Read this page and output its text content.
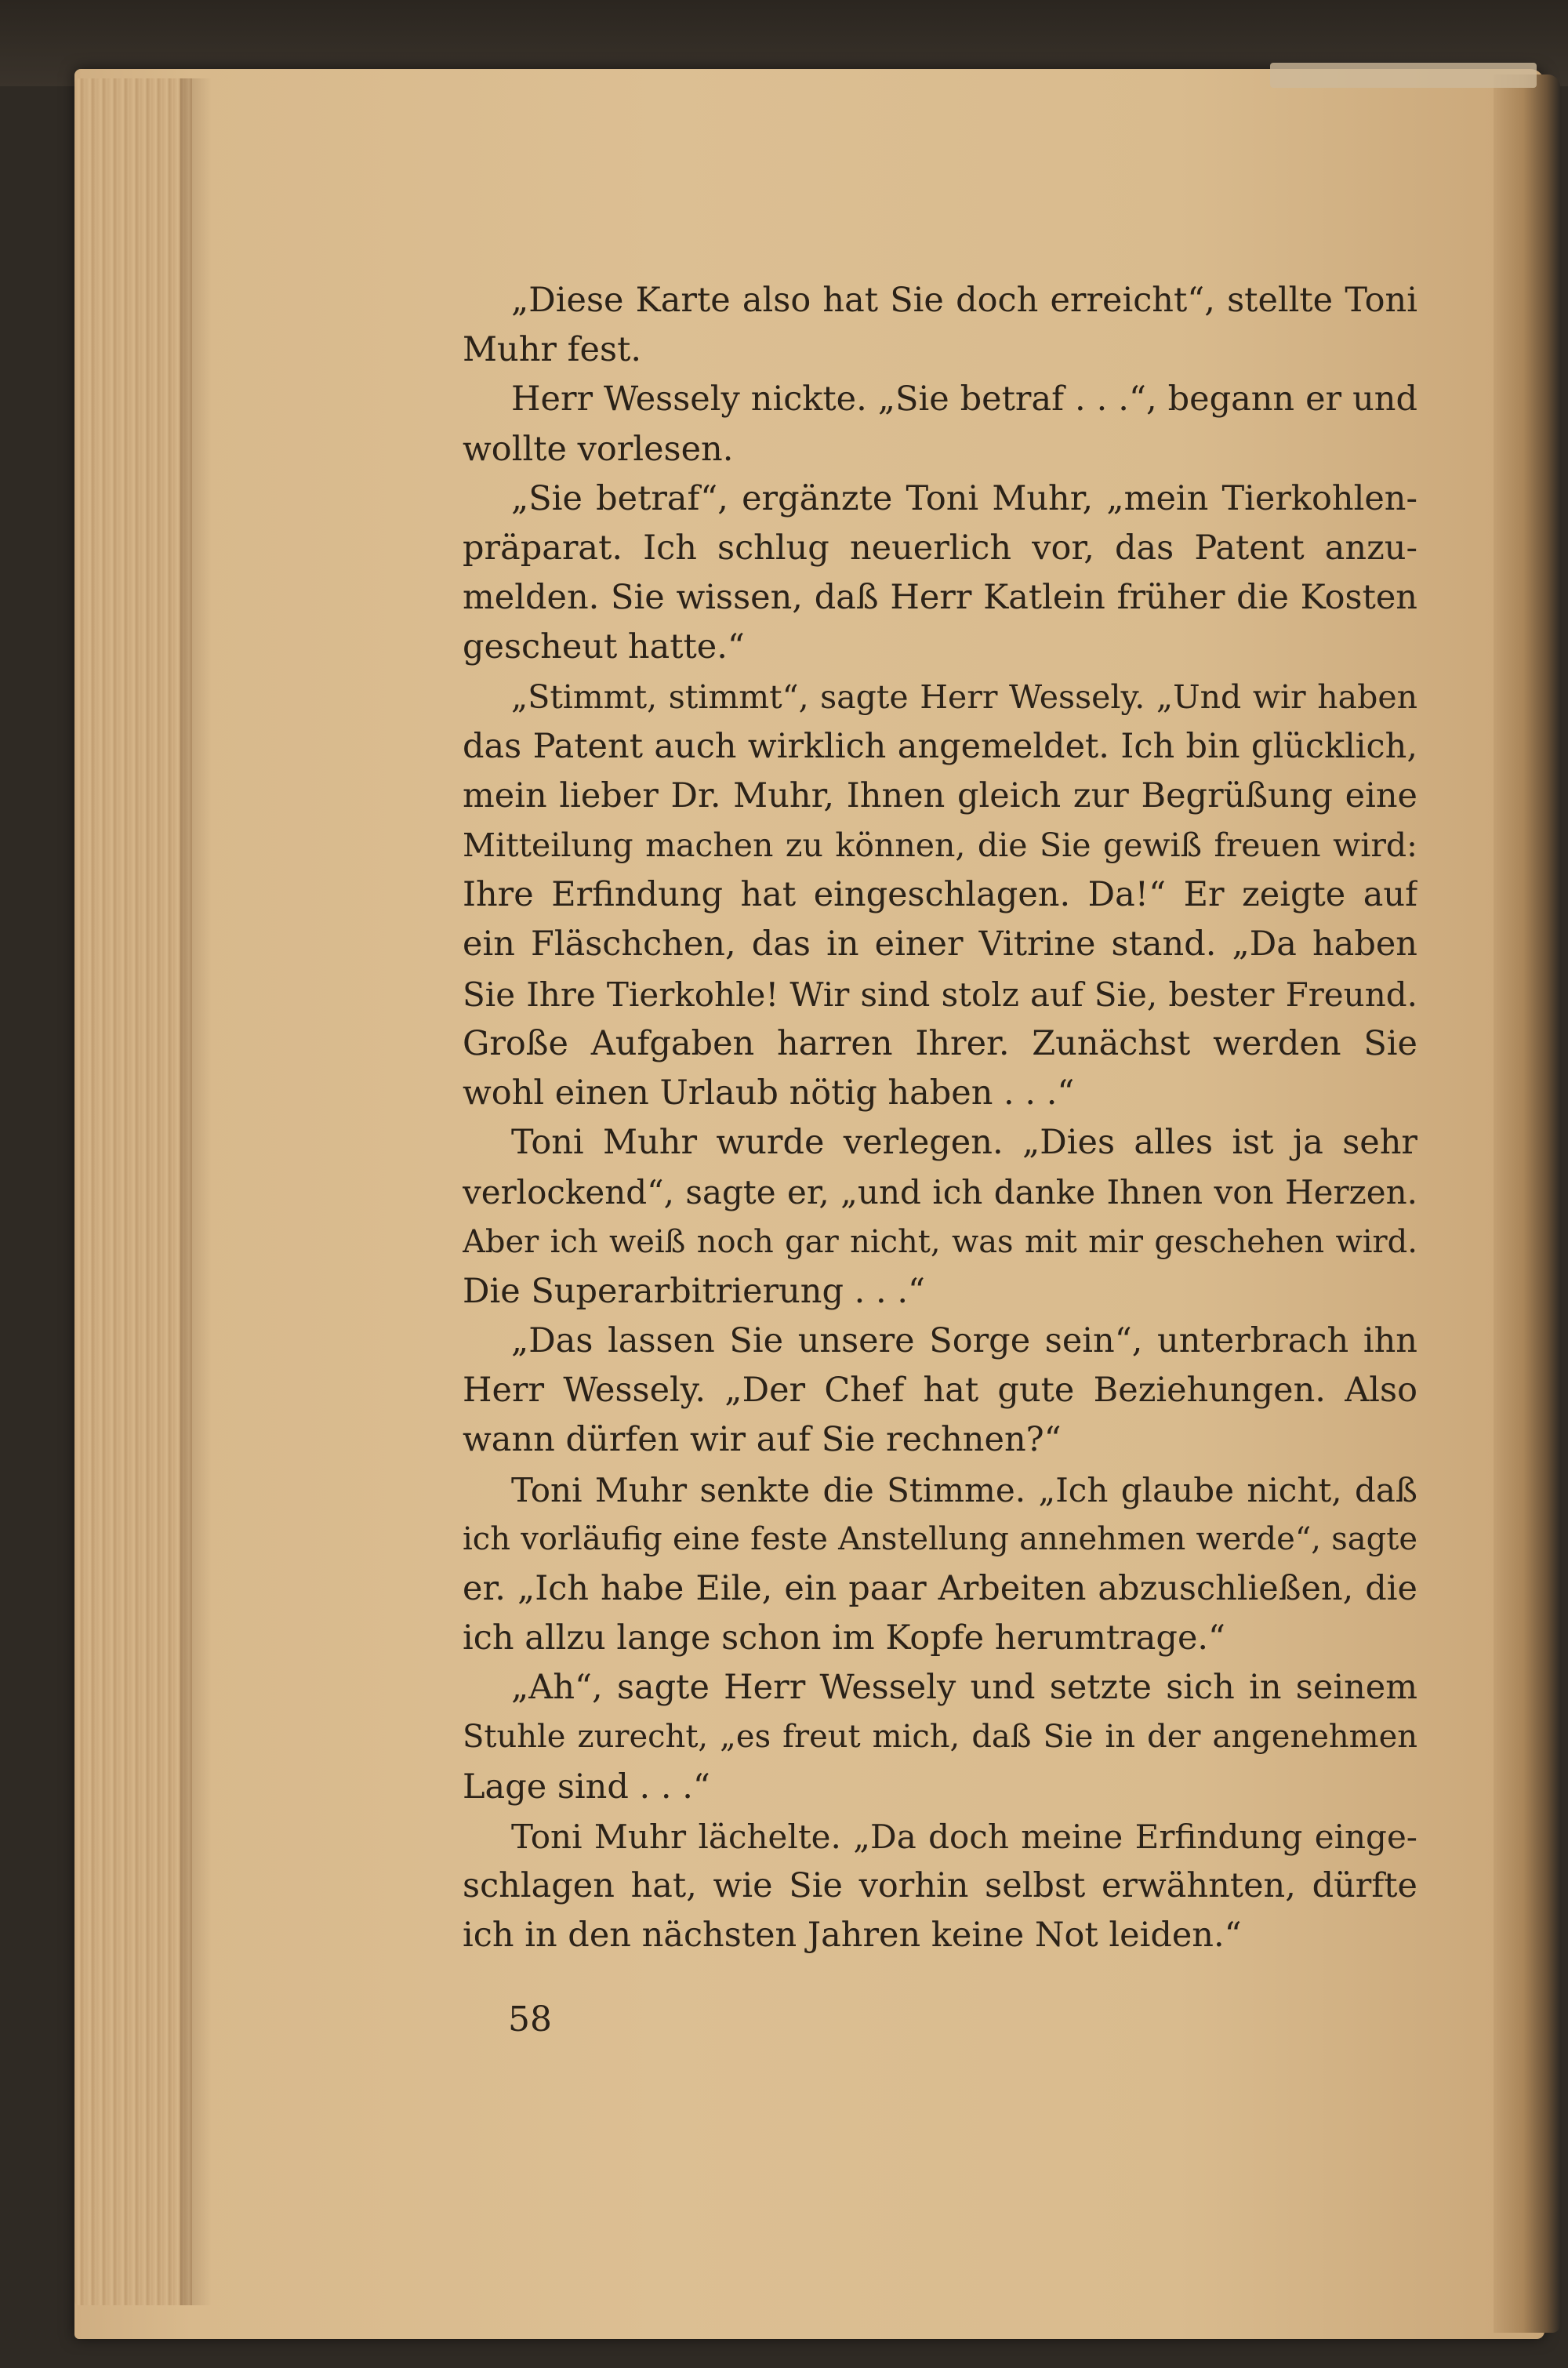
„Diese Karte also hat Sie doch erreicht“, stellte Toni
Muhr fest.
Herr Wessely nickte. „Sie betraf . . .“, begann er und
wollte vorlesen.
„Sie betraf“, ergänzte Toni Muhr, „mein Tierkohlen-
präparat. Ich schlug neuerlich vor, das Patent anzu-
melden. Sie wissen, daß Herr Katlein früher die Kosten
gescheut hatte.“
„Stimmt, stimmt“, sagte Herr Wessely. „Und wir haben
das Patent auch wirklich angemeldet. Ich bin glücklich,
mein lieber Dr. Muhr, Ihnen gleich zur Begrüßung eine
Mitteilung machen zu können, die Sie gewiß freuen wird:
Ihre Erfindung hat eingeschlagen. Da!“ Er zeigte auf
ein Fläschchen, das in einer Vitrine stand. „Da haben
Sie Ihre Tierkohle! Wir sind stolz auf Sie, bester Freund.
Große Aufgaben harren Ihrer. Zunächst werden Sie
wohl einen Urlaub nötig haben . . .“
Toni Muhr wurde verlegen. „Dies alles ist ja sehr
verlockend“, sagte er, „und ich danke Ihnen von Herzen.
Aber ich weiß noch gar nicht, was mit mir geschehen wird.
Die Superarbitrierung . . .“
„Das lassen Sie unsere Sorge sein“, unterbrach ihn
Herr Wessely. „Der Chef hat gute Beziehungen. Also
wann dürfen wir auf Sie rechnen?“
Toni Muhr senkte die Stimme. „Ich glaube nicht, daß
ich vorläufig eine feste Anstellung annehmen werde“, sagte
er. „Ich habe Eile, ein paar Arbeiten abzuschließen, die
ich allzu lange schon im Kopfe herumtrage.“
„Ah“, sagte Herr Wessely und setzte sich in seinem
Stuhle zurecht, „es freut mich, daß Sie in der angenehmen
Lage sind . . .“
Toni Muhr lächelte. „Da doch meine Erfindung einge-
schlagen hat, wie Sie vorhin selbst erwähnten, dürfte
ich in den nächsten Jahren keine Not leiden.“
58
